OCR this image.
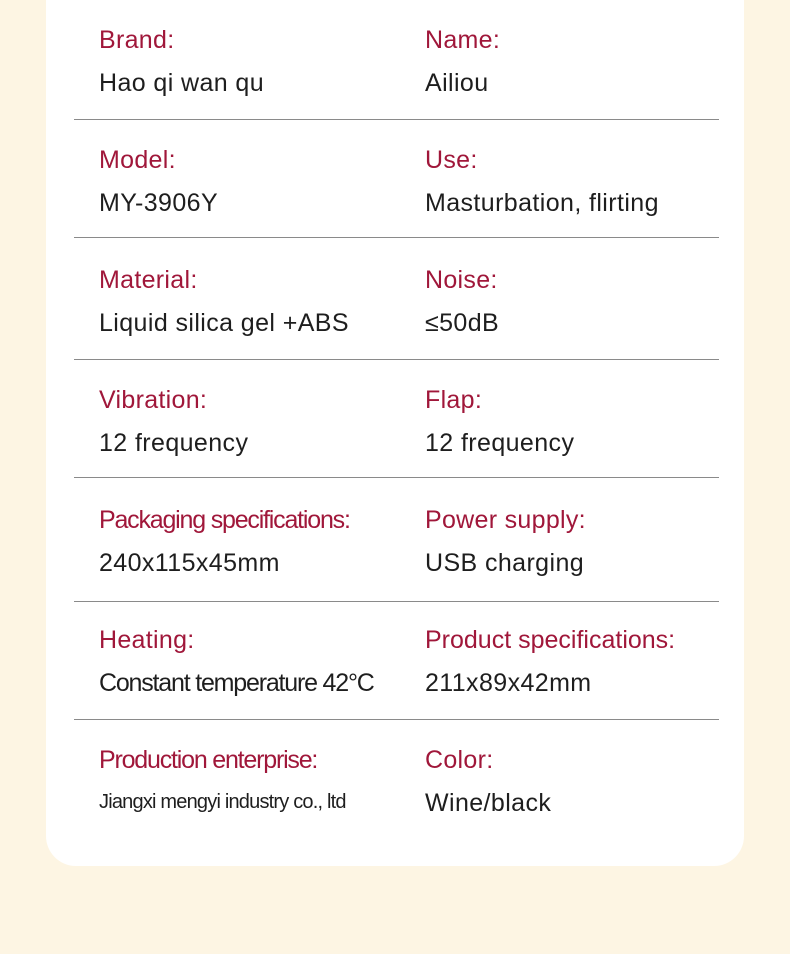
Brand:
Hao qi wan qu
Name:
Ailiou
Model:
MY-3906Y
Use:
Masturbation, flirting
Material:
Liquid silica gel +ABS
Noise:
≤50dB
Vibration:
12 frequency
Flap:
12 frequency
Packaging specifications:
240x115x45mm
Power supply:
USB charging
Heating:
Constant temperature 42°C
Product specifications:
211x89x42mm
Production enterprise:
Jiangxi mengyi industry co., ltd
Color:
Wine/black
